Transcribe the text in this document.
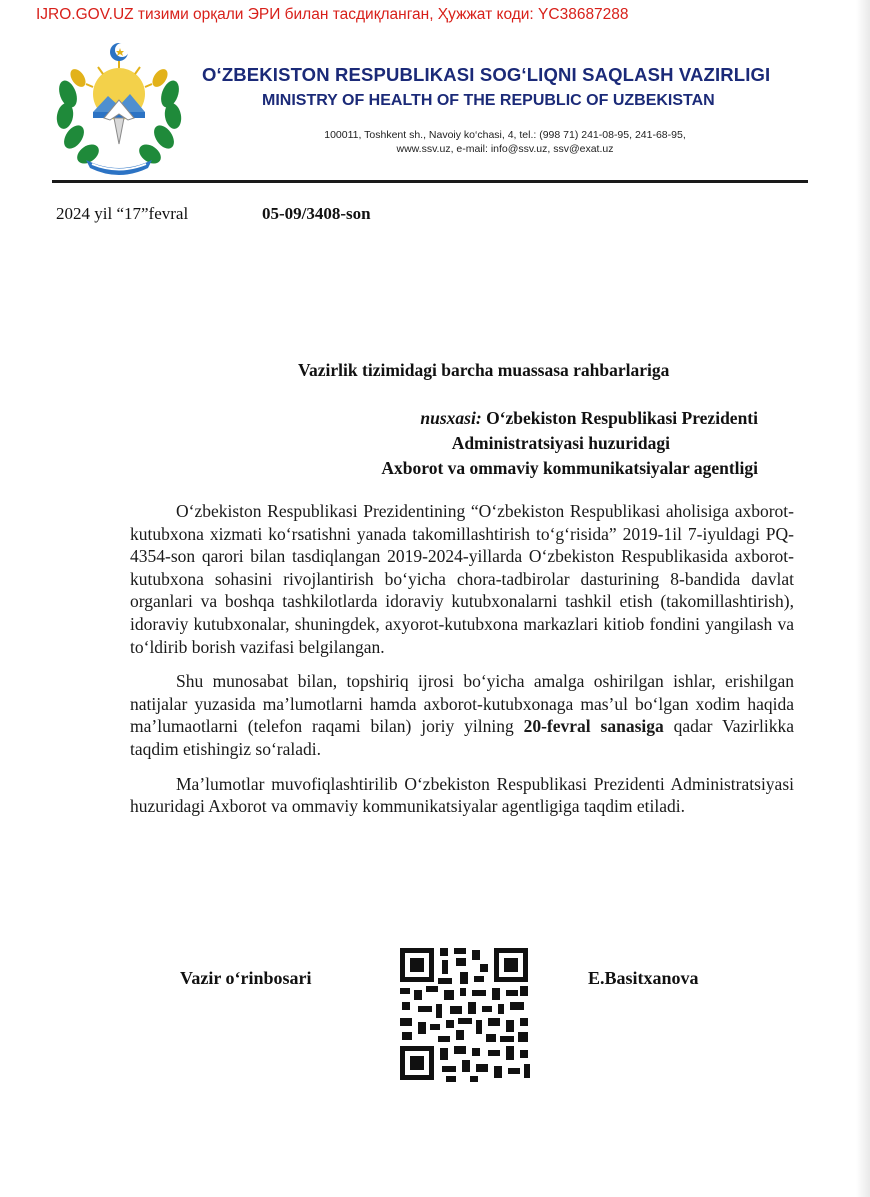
IJRO.GOV.UZ тизими орқали ЭРИ билан тасдиқланган, Ҳужжат коди: YC38687288
O‘ZBEKISTON RESPUBLIKASI SOG‘LIQNI SAQLASH VAZIRLIGI
MINISTRY OF HEALTH OF THE REPUBLIC OF UZBEKISTAN
100011, Toshkent sh., Navoiy ko‘chasi, 4, tel.: (998 71) 241-08-95, 241-68-95,
www.ssv.uz, e-mail: info@ssv.uz, ssv@exat.uz
2024 yil “17”fevral	05-09/3408-son
Vazirlik tizimidagi barcha muassasa rahbarlariga
nusxasi: O‘zbekiston Respublikasi Prezidenti
Administratsiyasi huzuridagi
Axborot va ommaviy kommunikatsiyalar agentligi

O‘zbekiston Respublikasi Prezidentining “O‘zbekiston Respublikasi aholisiga axborot-kutubxona xizmati ko‘rsatishni yanada takomillashtirish to‘g‘risida” 2019-1il 7-iyuldagi PQ-4354-son qarori bilan tasdiqlangan 2019-2024-yillarda O‘zbekiston Respublikasida axborot-kutubxona sohasini rivojlantirish bo‘yicha chora-tadbirolar dasturining 8-bandida davlat organlari va boshqa tashkilotlarda idoraviy kutubxonalarni tashkil etish (takomillashtirish), idoraviy kutubxonalar, shuningdek, axyorot-kutubxona markazlari kitiob fondini yangilash va to‘ldirib borish vazifasi belgilangan.

Shu munosabat bilan, topshiriq ijrosi bo‘yicha amalga oshirilgan ishlar, erishilgan natijalar yuzasida ma’lumotlarni hamda axborot-kutubxonaga mas’ul bo‘lgan xodim haqida ma’lumaotlarni (telefon raqami bilan) joriy yilning 20-fevral sanasiga qadar Vazirlikka taqdim etishingiz so‘raladi.

Ma’lumotlar muvofiqlashtirilib O‘zbekiston Respublikasi Prezidenti Administratsiyasi huzuridagi Axborot va ommaviy kommunikatsiyalar agentligiga taqdim etiladi.

Vazir o‘rinbosari	E.Basitxanova
